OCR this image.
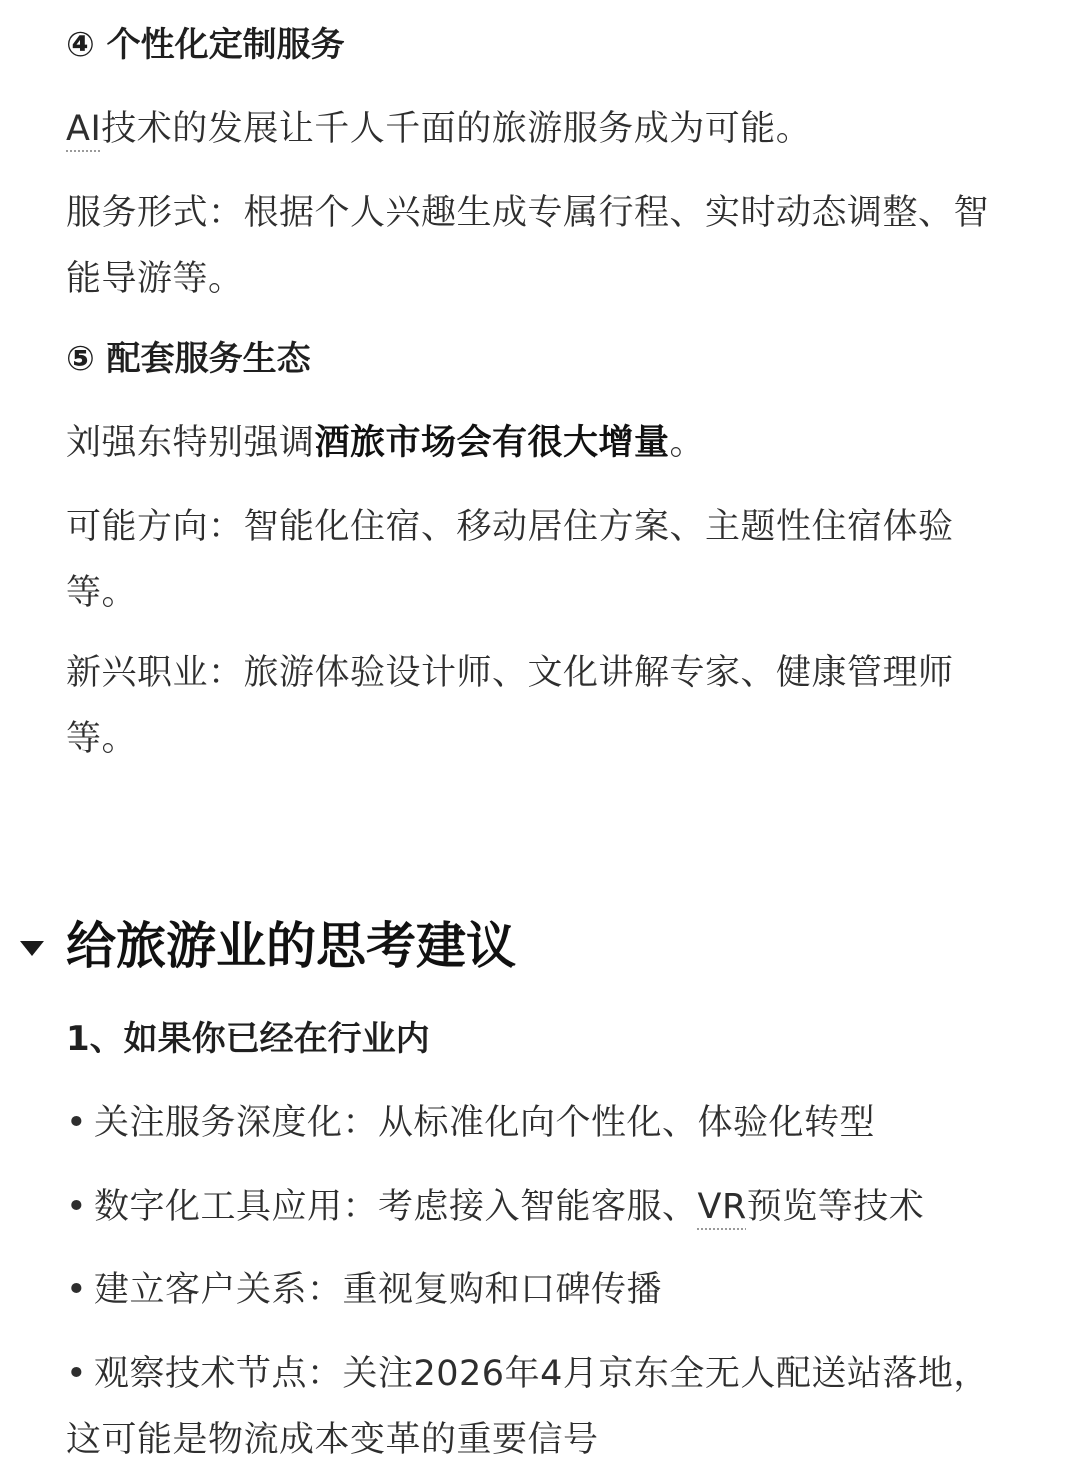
④ 个性化定制服务

AI技术的发展让千人千面的旅游服务成为可能。

服务形式：根据个人兴趣生成专属行程、实时动态调整、智能导游等。

⑤ 配套服务生态

刘强东特别强调酒旅市场会有很大增量。

可能方向：智能化住宿、移动居住方案、主题性住宿体验等。

新兴职业：旅游体验设计师、文化讲解专家、健康管理师等。

给旅游业的思考建议
1、如果你已经在行业内

• 关注服务深度化：从标准化向个性化、体验化转型

• 数字化工具应用：考虑接入智能客服、VR预览等技术

• 建立客户关系：重视复购和口碑传播

• 观察技术节点：关注2026年4月京东全无人配送站落地，这可能是物流成本变革的重要信号
